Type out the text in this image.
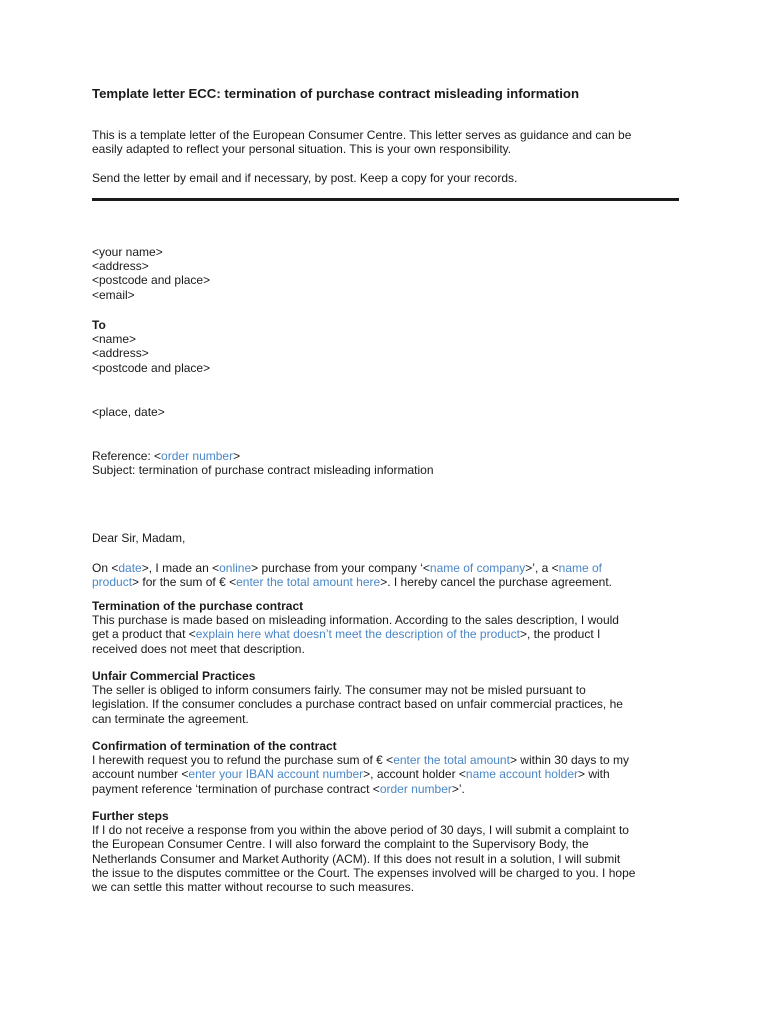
Template letter ECC: termination of purchase contract misleading information

This is a template letter of the European Consumer Centre. This letter serves as guidance and can be

easily adapted to reflect your personal situation. This is your own responsibility.

Send the letter by email and if necessary, by post. Keep a copy for your records.

<your name>

<address>

<postcode and place>

<email>

To

<name>

<address>

<postcode and place>

<place, date>

Reference: <order number>

Subject: termination of purchase contract misleading information

Dear Sir, Madam,

On <date>, I made an <online> purchase from your company ‘<name of company>’, a <name of

product> for the sum of € <enter the total amount here>. I hereby cancel the purchase agreement.

Termination of the purchase contract

This purchase is made based on misleading information. According to the sales description, I would

get a product that <explain here what doesn’t meet the description of the product>, the product I

received does not meet that description.

Unfair Commercial Practices

The seller is obliged to inform consumers fairly. The consumer may not be misled pursuant to

legislation. If the consumer concludes a purchase contract based on unfair commercial practices, he

can terminate the agreement.

Confirmation of termination of the contract

I herewith request you to refund the purchase sum of € <enter the total amount> within 30 days to my

account number <enter your IBAN account number>, account holder <name account holder> with

payment reference ‘termination of purchase contract <order number>’.

Further steps

If I do not receive a response from you within the above period of 30 days, I will submit a complaint to

the European Consumer Centre. I will also forward the complaint to the Supervisory Body, the

Netherlands Consumer and Market Authority (ACM). If this does not result in a solution, I will submit

the issue to the disputes committee or the Court. The expenses involved will be charged to you. I hope

we can settle this matter without recourse to such measures.
